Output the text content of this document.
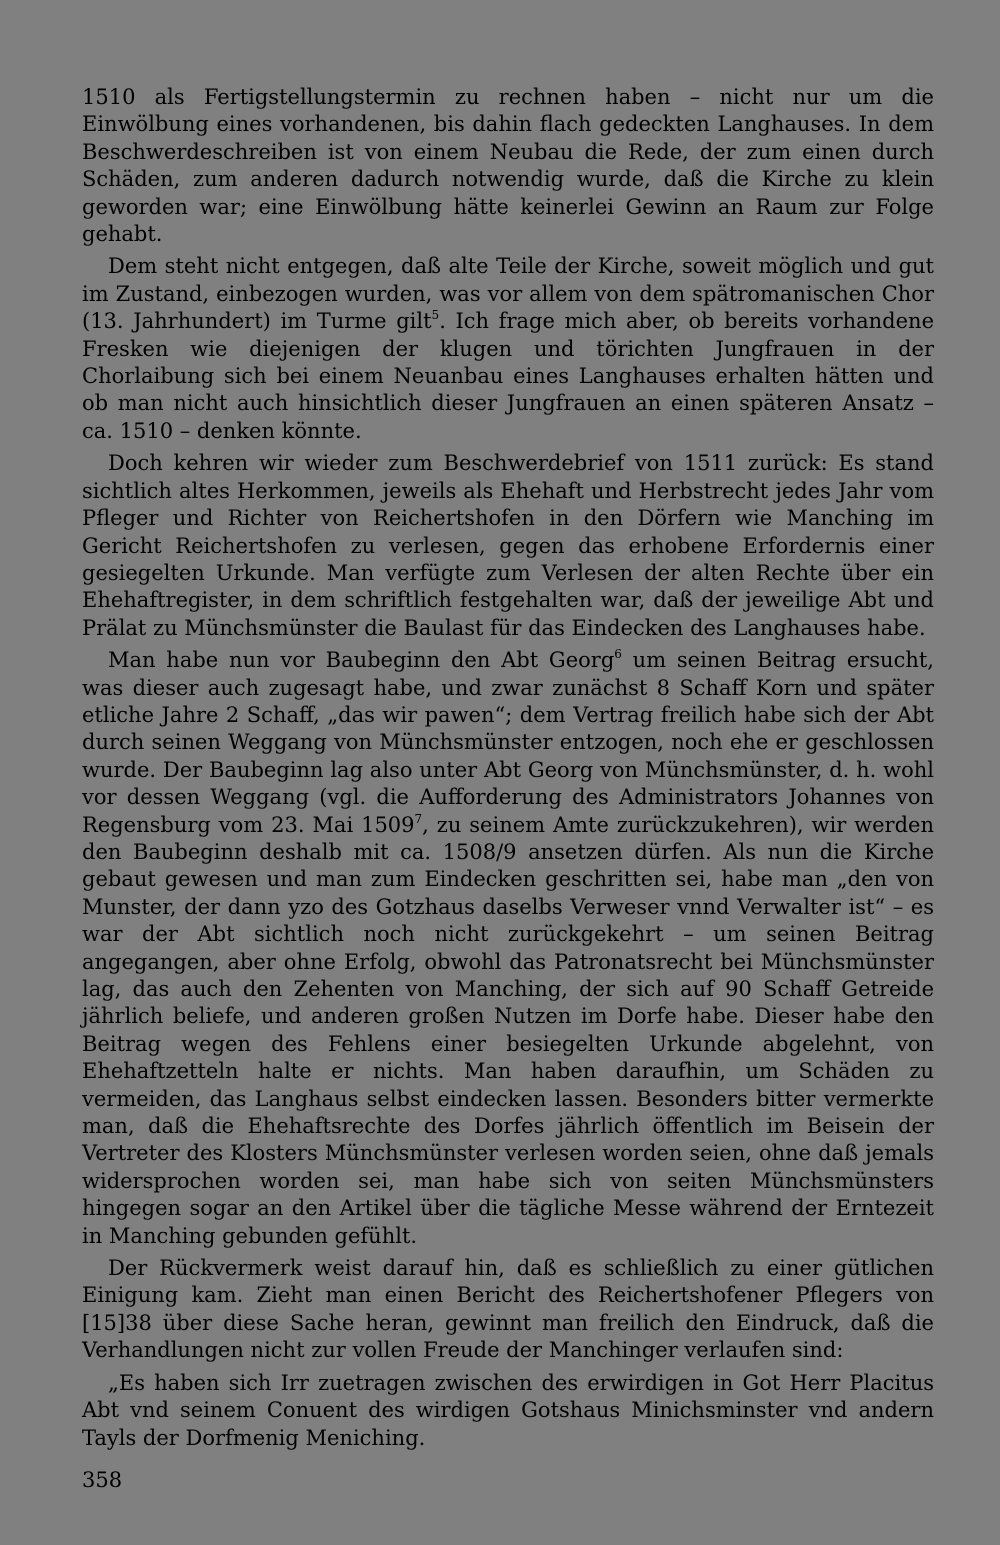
1510 als Fertigstellungstermin zu rechnen haben – nicht nur um die Einwölbung eines vorhandenen, bis dahin flach gedeckten Langhauses. In dem Beschwerdeschreiben ist von einem Neubau die Rede, der zum einen durch Schäden, zum anderen dadurch notwendig wurde, daß die Kirche zu klein geworden war; eine Einwölbung hätte keinerlei Gewinn an Raum zur Folge gehabt.

Dem steht nicht entgegen, daß alte Teile der Kirche, soweit möglich und gut im Zustand, einbezogen wurden, was vor allem von dem spätromanischen Chor (13. Jahrhundert) im Turme gilt$^5$. Ich frage mich aber, ob bereits vorhandene Fresken wie diejenigen der klugen und törichten Jungfrauen in der Chorlaibung sich bei einem Neuanbau eines Langhauses erhalten hätten und ob man nicht auch hinsichtlich dieser Jungfrauen an einen späteren Ansatz – ca. 1510 – denken könnte.

Doch kehren wir wieder zum Beschwerdebrief von 1511 zurück: Es stand sichtlich altes Herkommen, jeweils als Ehehaft und Herbstrecht jedes Jahr vom Pfleger und Richter von Reichertshofen in den Dörfern wie Manching im Gericht Reichertshofen zu verlesen, gegen das erhobene Erfordernis einer gesiegelten Urkunde. Man verfügte zum Verlesen der alten Rechte über ein Ehehaftregister, in dem schriftlich festgehalten war, daß der jeweilige Abt und Prälat zu Münchsmünster die Baulast für das Eindecken des Langhauses habe.

Man habe nun vor Baubeginn den Abt Georg$^6$ um seinen Beitrag ersucht, was dieser auch zugesagt habe, und zwar zunächst 8 Schaff Korn und später etliche Jahre 2 Schaff, „das wir pawen“; dem Vertrag freilich habe sich der Abt durch seinen Weggang von Münchsmünster entzogen, noch ehe er geschlossen wurde. Der Baubeginn lag also unter Abt Georg von Münchsmünster, d. h. wohl vor dessen Weggang (vgl. die Aufforderung des Administrators Johannes von Regensburg vom 23. Mai 1509$^7$, zu seinem Amte zurückzukehren), wir werden den Baubeginn deshalb mit ca. 1508/9 ansetzen dürfen. Als nun die Kirche gebaut gewesen und man zum Eindecken geschritten sei, habe man „den von Munster, der dann yzo des Gotzhaus daselbs Verweser vnnd Verwalter ist“ – es war der Abt sichtlich noch nicht zurückgekehrt – um seinen Beitrag angegangen, aber ohne Erfolg, obwohl das Patronatsrecht bei Münchsmünster lag, das auch den Zehenten von Manching, der sich auf 90 Schaff Getreide jährlich beliefe, und anderen großen Nutzen im Dorfe habe. Dieser habe den Beitrag wegen des Fehlens einer besiegelten Urkunde abgelehnt, von Ehehaftzetteln halte er nichts. Man haben daraufhin, um Schäden zu vermeiden, das Langhaus selbst eindecken lassen. Besonders bitter vermerkte man, daß die Ehehaftsrechte des Dorfes jährlich öffentlich im Beisein der Vertreter des Klosters Münchsmünster verlesen worden seien, ohne daß jemals widersprochen worden sei, man habe sich von seiten Münchsmünsters hingegen sogar an den Artikel über die tägliche Messe während der Erntezeit in Manching gebunden gefühlt.

Der Rückvermerk weist darauf hin, daß es schließlich zu einer gütlichen Einigung kam. Zieht man einen Bericht des Reichertshofener Pflegers von [15]38 über diese Sache heran, gewinnt man freilich den Eindruck, daß die Verhandlungen nicht zur vollen Freude der Manchinger verlaufen sind:

„Es haben sich Irr zuetragen zwischen des erwirdigen in Got Herr Placitus Abt vnd seinem Conuent des wirdigen Gotshaus Minichsminster vnd andern Tayls der Dorfmenig Meniching.

358
